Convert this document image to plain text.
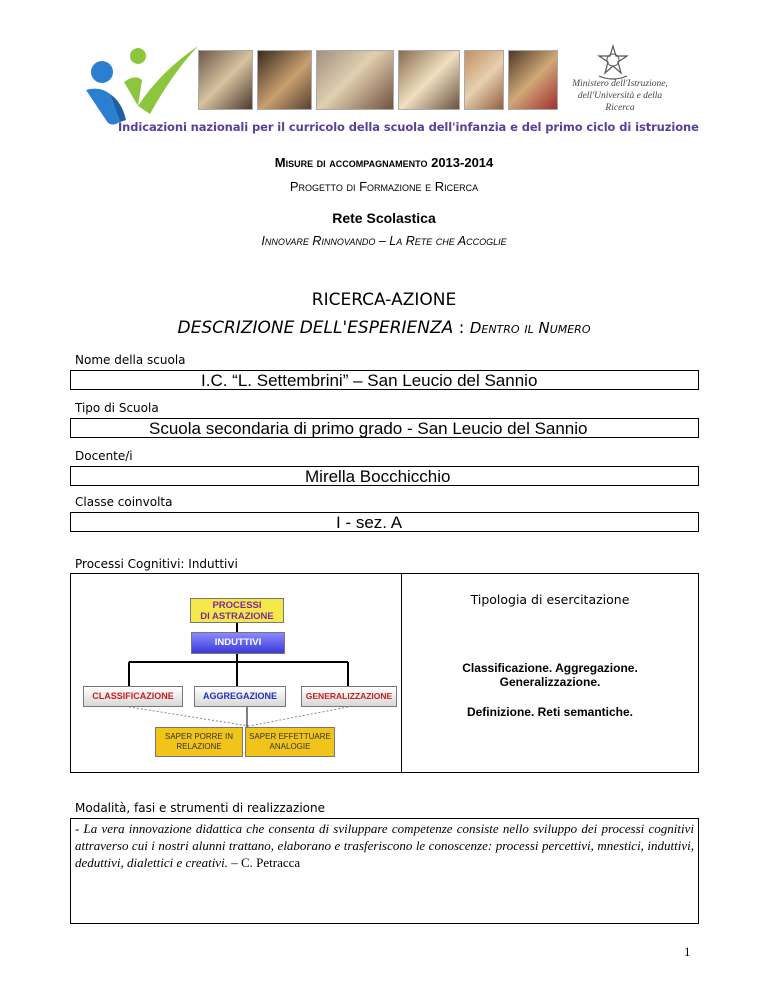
Ministero dell'Istruzione,
dell'Università e della Ricerca
Indicazioni nazionali per il curricolo della scuola dell'infanzia e del primo ciclo di istruzione
Misure di accompagnamento 2013-2014
Progetto di Formazione e Ricerca
Rete Scolastica
Innovare Rinnovando – La Rete che Accoglie
RICERCA-AZIONE
DESCRIZIONE DELL'ESPERIENZA : Dentro il Numero
Nome della scuola
I.C. “L. Settembrini” – San Leucio del Sannio
Tipo di Scuola
Scuola secondaria di primo grado - San Leucio del Sannio
Docente/i
Mirella Bocchicchio
Classe coinvolta
I - sez. A
Processi Cognitivi: Induttivi
PROCESSI
DI ASTRAZIONE
INDUTTIVI
CLASSIFICAZIONE	AGGREGAZIONE	GENERALIZZAZIONE
SAPER PORRE IN
RELAZIONE
SAPER EFFETTUARE
ANALOGIE
Tipologia di esercitazione
Classificazione. Aggregazione.
Generalizzazione.
Definizione. Reti semantiche.
Modalità, fasi e strumenti di realizzazione
- La vera innovazione didattica che consenta di sviluppare competenze consiste nello sviluppo dei processi cognitivi attraverso cui i nostri alunni trattano, elaborano e trasferiscono le conoscenze: processi percettivi, mnestici, induttivi, deduttivi, dialettici e creativi. – C. Petracca
1
